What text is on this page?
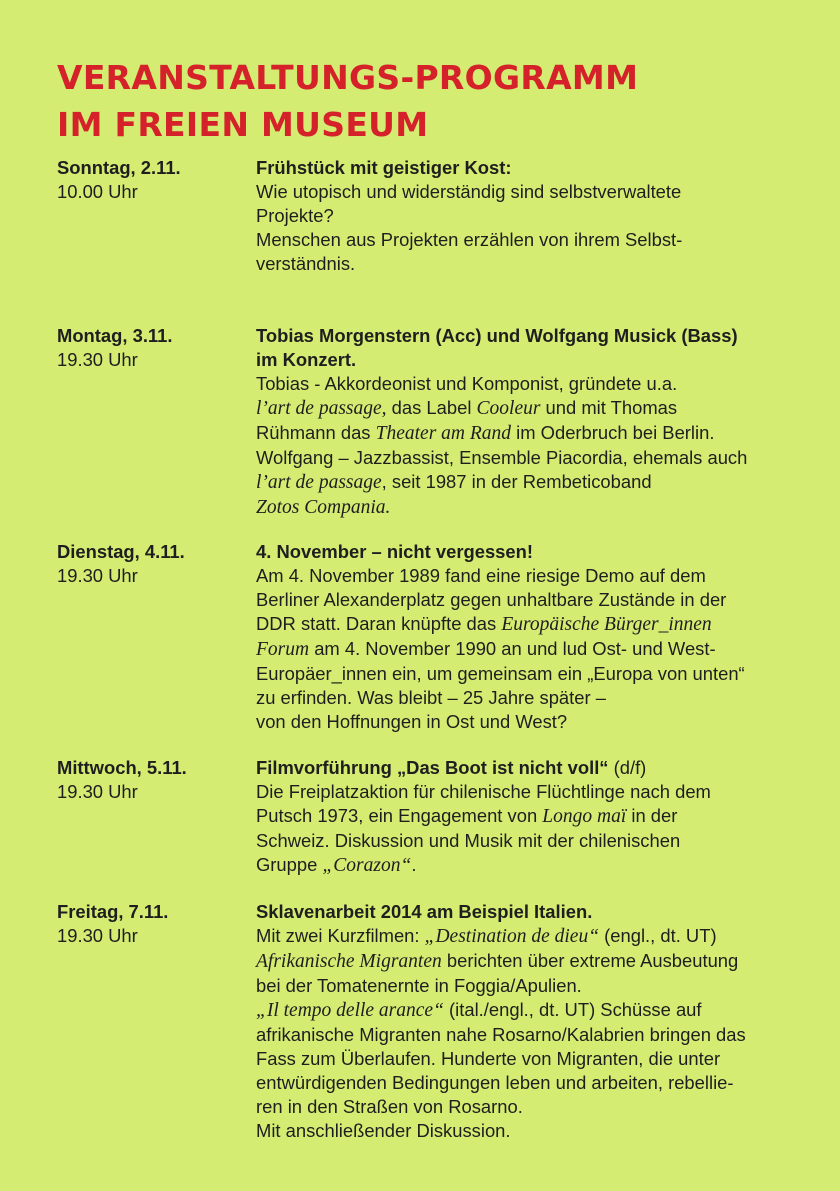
VERANSTALTUNGS-PROGRAMM
IM FREIEN MUSEUM
Sonntag, 2.11.
10.00 Uhr
Frühstück mit geistiger Kost:
Wie utopisch und widerständig sind selbstverwaltete
Projekte?
Menschen aus Projekten erzählen von ihrem Selbst-
verständnis.
Montag, 3.11.
19.30 Uhr
Tobias Morgenstern (Acc) und Wolfgang Musick (Bass)
im Konzert.
Tobias - Akkordeonist und Komponist, gründete u.a.
l’art de passage, das Label Cooleur und mit Thomas
Rühmann das Theater am Rand im Oderbruch bei Berlin.
Wolfgang – Jazzbassist, Ensemble Piacordia, ehemals auch
l’art de passage, seit 1987 in der Rembeticoband
Zotos Compania.
Dienstag, 4.11.
19.30 Uhr
4. November – nicht vergessen!
Am 4. November 1989 fand eine riesige Demo auf dem
Berliner Alexanderplatz gegen unhaltbare Zustände in der
DDR statt. Daran knüpfte das Europäische Bürger_innen
Forum am 4. November 1990 an und lud Ost- und West-
Europäer_innen ein, um gemeinsam ein „Europa von unten“
zu erfinden. Was bleibt – 25 Jahre später –
von den Hoffnungen in Ost und West?
Mittwoch, 5.11.
19.30 Uhr
Filmvorführung „Das Boot ist nicht voll“ (d/f)
Die Freiplatzaktion für chilenische Flüchtlinge nach dem
Putsch 1973, ein Engagement von Longo maï in der
Schweiz. Diskussion und Musik mit der chilenischen
Gruppe „Corazon“.
Freitag, 7.11.
19.30 Uhr
Sklavenarbeit 2014 am Beispiel Italien.
Mit zwei Kurzfilmen: „Destination de dieu“ (engl., dt. UT)
Afrikanische Migranten berichten über extreme Ausbeutung
bei der Tomatenernte in Foggia/Apulien.
„Il tempo delle arance“ (ital./engl., dt. UT) Schüsse auf
afrikanische Migranten nahe Rosarno/Kalabrien bringen das
Fass zum Überlaufen. Hunderte von Migranten, die unter
entwürdigenden Bedingungen leben und arbeiten, rebellie-
ren in den Straßen von Rosarno.
Mit anschließender Diskussion.
